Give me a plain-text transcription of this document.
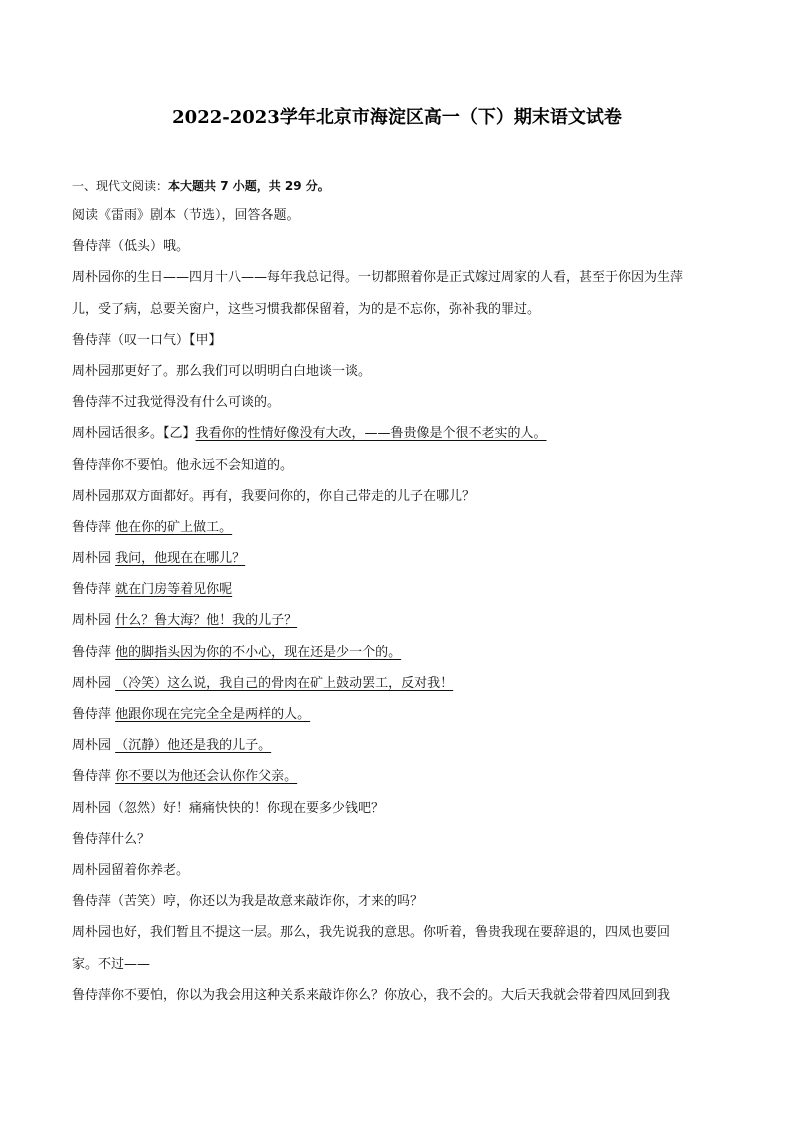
2022-2023学年北京市海淀区高一（下）期末语文试卷
一、现代文阅读：本大题共 7 小题，共 29 分。
阅读《雷雨》剧本（节选），回答各题。
鲁侍萍（低头）哦。
周朴园你的生日——四月十八——每年我总记得。一切都照着你是正式嫁过周家的人看，甚至于你因为生萍
儿，受了病，总要关窗户，这些习惯我都保留着，为的是不忘你，弥补我的罪过。
鲁侍萍（叹一口气）【甲】
周朴园那更好了。那么我们可以明明白白地谈一谈。
鲁侍萍不过我觉得没有什么可谈的。
周朴园话很多。【乙】我看你的性情好像没有大改，——鲁贵像是个很不老实的人。
鲁侍萍你不要怕。他永远不会知道的。
周朴园那双方面都好。再有，我要问你的，你自己带走的儿子在哪儿？
鲁侍萍 他在你的矿上做工。
周朴园 我问，他现在在哪儿？
鲁侍萍 就在门房等着见你呢
周朴园 什么？鲁大海？他！我的儿子？
鲁侍萍 他的脚指头因为你的不小心，现在还是少一个的。
周朴园 （冷笑）这么说，我自己的骨肉在矿上鼓动罢工，反对我！
鲁侍萍 他跟你现在完完全全是两样的人。
周朴园 （沉静）他还是我的儿子。
鲁侍萍 你不要以为他还会认你作父亲。
周朴园（忽然）好！痛痛快快的！你现在要多少钱吧？
鲁侍萍什么？
周朴园留着你养老。
鲁侍萍（苦笑）哼，你还以为我是故意来敲诈你，才来的吗？
周朴园也好，我们暂且不提这一层。那么，我先说我的意思。你听着，鲁贵我现在要辞退的，四凤也要回
家。不过——
鲁侍萍你不要怕，你以为我会用这种关系来敲诈你么？你放心，我不会的。大后天我就会带着四凤回到我
